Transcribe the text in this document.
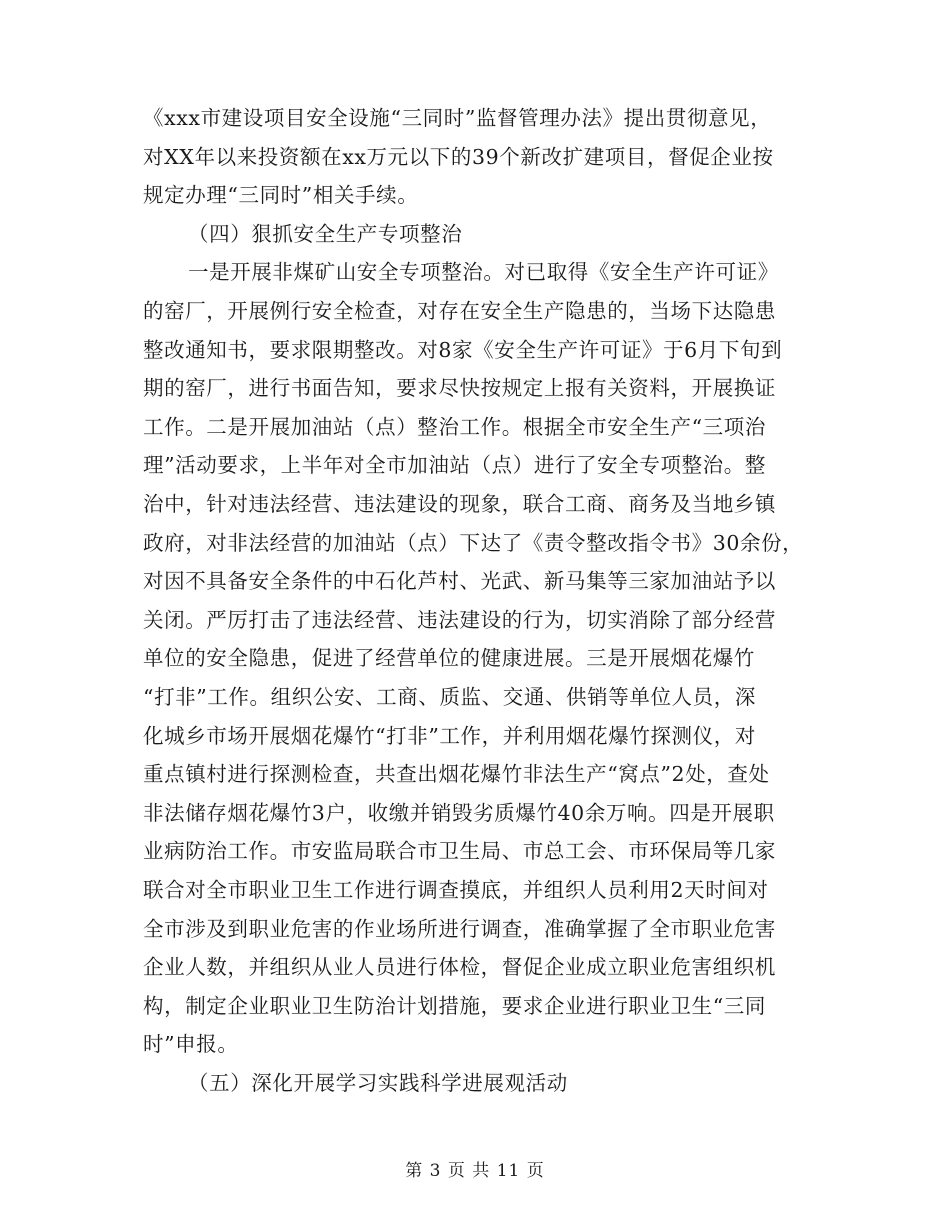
《xxx市建设项目安全设施“三同时”监督管理办法》提出贯彻意见，
对XX年以来投资额在xx万元以下的39个新改扩建项目，督促企业按
规定办理“三同时”相关手续。
（四）狠抓安全生产专项整治
一是开展非煤矿山安全专项整治。对已取得《安全生产许可证》
的窑厂，开展例行安全检查，对存在安全生产隐患的，当场下达隐患
整改通知书，要求限期整改。对8家《安全生产许可证》于6月下旬到
期的窑厂，进行书面告知，要求尽快按规定上报有关资料，开展换证
工作。二是开展加油站（点）整治工作。根据全市安全生产“三项治
理”活动要求，上半年对全市加油站（点）进行了安全专项整治。整
治中，针对违法经营、违法建设的现象，联合工商、商务及当地乡镇
政府，对非法经营的加油站（点）下达了《责令整改指令书》30余份，
对因不具备安全条件的中石化芦村、光武、新马集等三家加油站予以
关闭。严厉打击了违法经营、违法建设的行为，切实消除了部分经营
单位的安全隐患，促进了经营单位的健康进展。三是开展烟花爆竹
“打非”工作。组织公安、工商、质监、交通、供销等单位人员，深
化城乡市场开展烟花爆竹“打非”工作，并利用烟花爆竹探测仪，对
重点镇村进行探测检查，共查出烟花爆竹非法生产“窝点”2处，查处
非法储存烟花爆竹3户，收缴并销毁劣质爆竹40余万响。四是开展职
业病防治工作。市安监局联合市卫生局、市总工会、市环保局等几家
联合对全市职业卫生工作进行调查摸底，并组织人员利用2天时间对
全市涉及到职业危害的作业场所进行调查，准确掌握了全市职业危害
企业人数，并组织从业人员进行体检，督促企业成立职业危害组织机
构，制定企业职业卫生防治计划措施，要求企业进行职业卫生“三同
时”申报。
（五）深化开展学习实践科学进展观活动
第 3 页 共 11 页
